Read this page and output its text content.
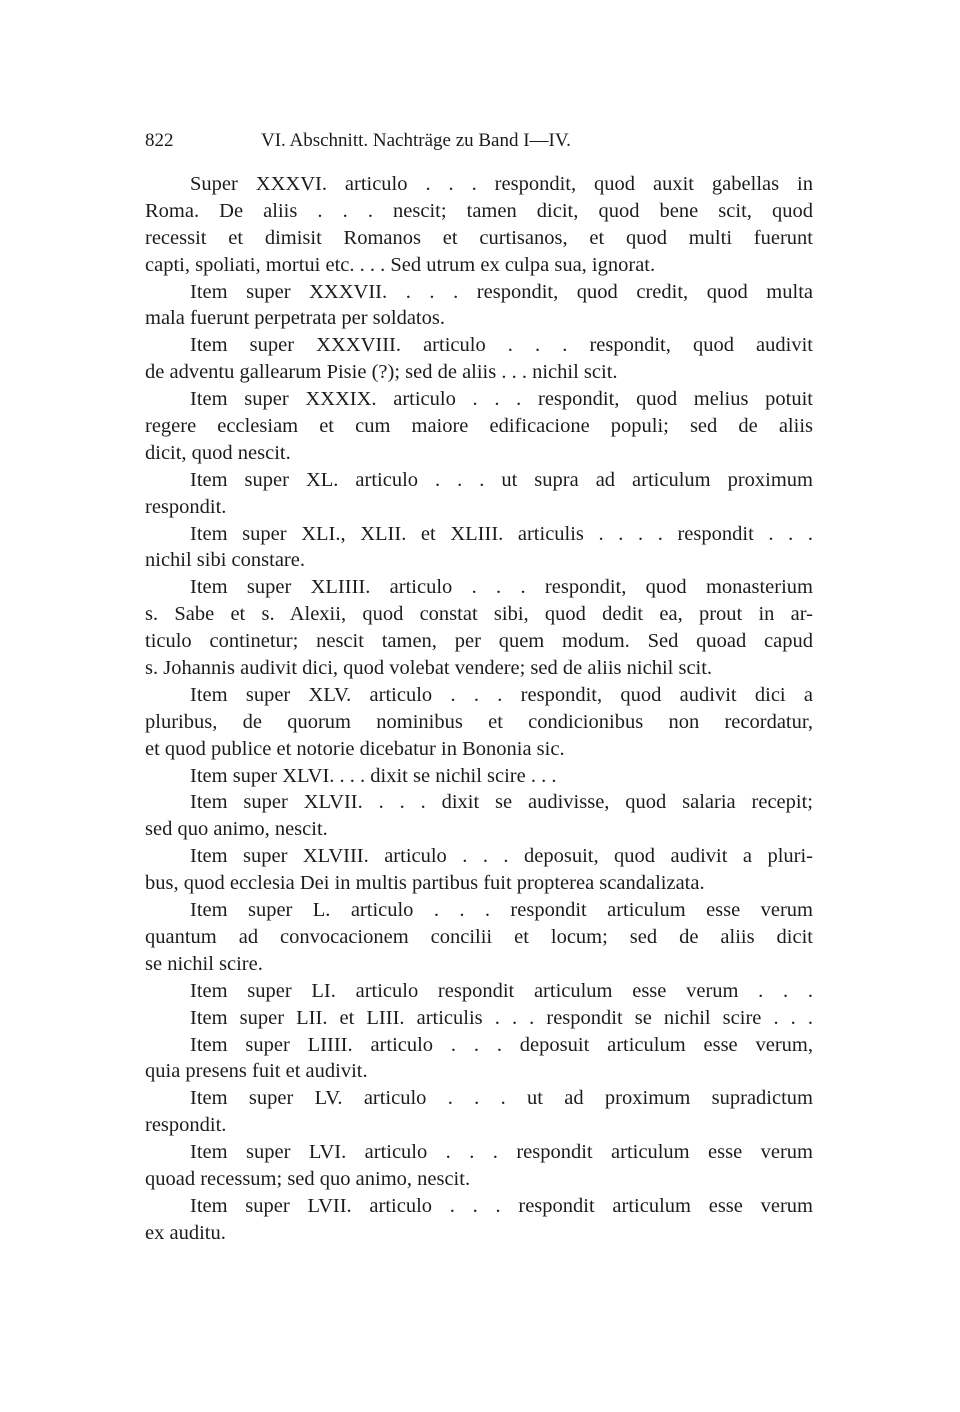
822	VI. Abschnitt. Nachträge zu Band I—IV.
Super XXXVI. articulo . . . respondit, quod auxit gabellas in
Roma. De aliis . . . nescit; tamen dicit, quod bene scit, quod
recessit et dimisit Romanos et curtisanos, et quod multi fuerunt
capti, spoliati, mortui etc. . . . Sed utrum ex culpa sua, ignorat.
Item super XXXVII. . . . respondit, quod credit, quod multa
mala fuerunt perpetrata per soldatos.
Item super XXXVIII. articulo . . . respondit, quod audivit
de adventu gallearum Pisie (?); sed de aliis . . . nichil scit.
Item super XXXIX. articulo . . . respondit, quod melius potuit
regere ecclesiam et cum maiore edificacione populi; sed de aliis
dicit, quod nescit.
Item super XL. articulo . . . ut supra ad articulum proximum
respondit.
Item super XLI., XLII. et XLIII. articulis . . . . respondit . . .
nichil sibi constare.
Item super XLIIII. articulo . . . respondit, quod monasterium
s. Sabe et s. Alexii, quod constat sibi, quod dedit ea, prout in ar-
ticulo continetur; nescit tamen, per quem modum. Sed quoad capud
s. Johannis audivit dici, quod volebat vendere; sed de aliis nichil scit.
Item super XLV. articulo . . . respondit, quod audivit dici a
pluribus, de quorum nominibus et condicionibus non recordatur,
et quod publice et notorie dicebatur in Bononia sic.
Item super XLVI. . . . dixit se nichil scire . . .
Item super XLVII. . . . dixit se audivisse, quod salaria recepit;
sed quo animo, nescit.
Item super XLVIII. articulo . . . deposuit, quod audivit a pluri-
bus, quod ecclesia Dei in multis partibus fuit propterea scandalizata.
Item super L. articulo . . . respondit articulum esse verum
quantum ad convocacionem concilii et locum; sed de aliis dicit
se nichil scire.
Item super LI. articulo respondit articulum esse verum . . .
Item super LII. et LIII. articulis . . . respondit se nichil scire . . .
Item super LIIII. articulo . . . deposuit articulum esse verum,
quia presens fuit et audivit.
Item super LV. articulo . . . ut ad proximum supradictum
respondit.
Item super LVI. articulo . . . respondit articulum esse verum
quoad recessum; sed quo animo, nescit.
Item super LVII. articulo . . . respondit articulum esse verum
ex auditu.
